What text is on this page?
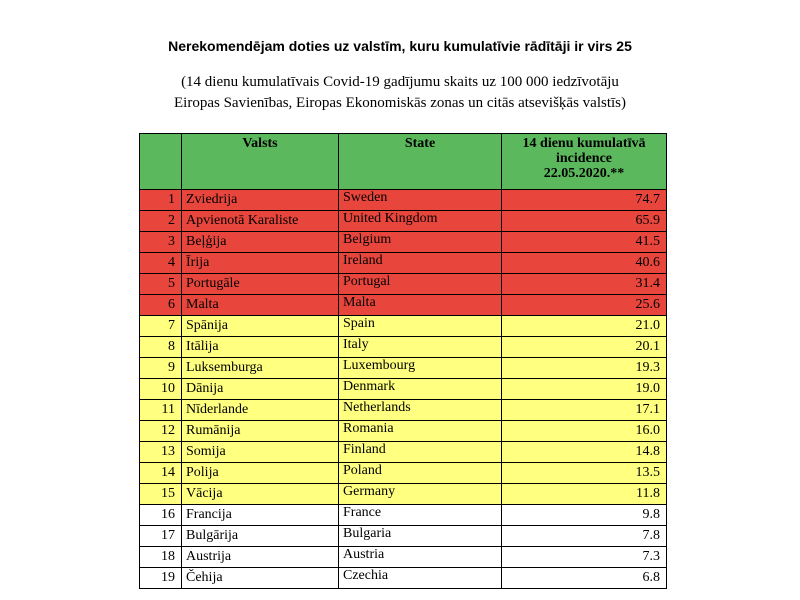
Nerekomendējam doties uz valstīm, kuru kumulatīvie rādītāji ir virs 25
(14 dienu kumulatīvais Covid-19 gadījumu skaits uz 100 000 iedzīvotāju
Eiropas Savienības, Eiropas Ekonomiskās zonas un citās atsevišķās valstīs)
	Valsts	State	14 dienu kumulatīvā
incidence
22.05.2020.**

1	Zviedrija	Sweden	74.7
2	Apvienotā Karaliste	United Kingdom	65.9
3	Beļģija	Belgium	41.5
4	Īrija	Ireland	40.6
5	Portugāle	Portugal	31.4
6	Malta	Malta	25.6
7	Spānija	Spain	21.0
8	Itālija	Italy	20.1
9	Luksemburga	Luxembourg	19.3
10	Dānija	Denmark	19.0
11	Nīderlande	Netherlands	17.1
12	Rumānija	Romania	16.0
13	Somija	Finland	14.8
14	Polija	Poland	13.5
15	Vācija	Germany	11.8
16	Francija	France	9.8
17	Bulgārija	Bulgaria	7.8
18	Austrija	Austria	7.3
19	Čehija	Czechia	6.8
